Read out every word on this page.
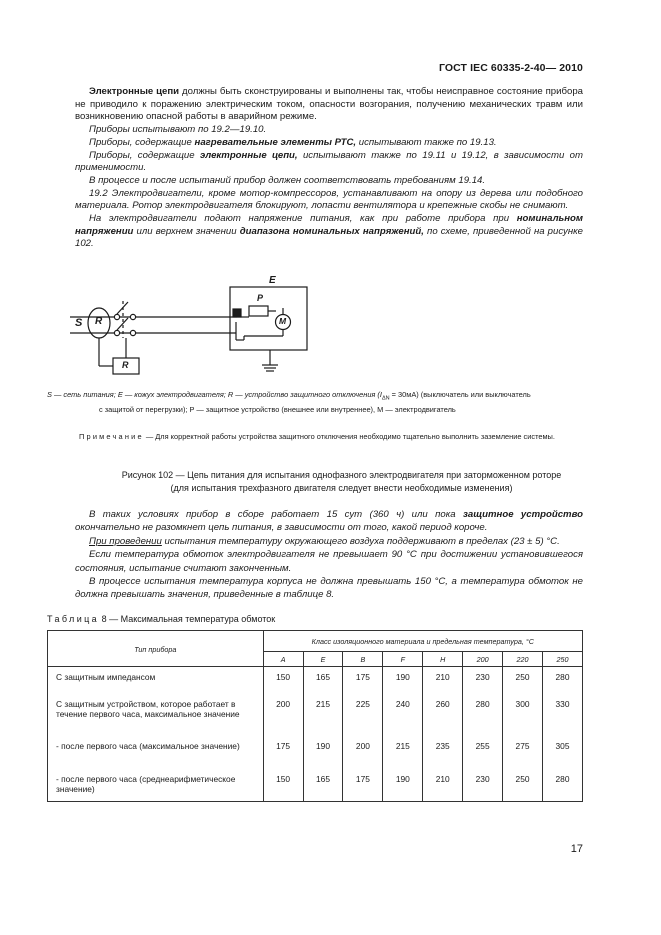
ГОСТ IEC 60335-2-40— 2010

Электронные цепи должны быть сконструированы и выполнены так, чтобы неисправное состояние прибора не приводило к поражению электрическим током, опасности возгорания, получению механических травм или возникновению опасной работы в аварийном режиме.

Приборы испытывают по 19.2—19.10.

Приборы, содержащие нагревательные элементы РТС, испытывают также по 19.13.

Приборы, содержащие электронные цепи, испытывают также по 19.11 и 19.12, в зависимости от применимости.

В процессе и после испытаний прибор должен соответствовать требованиям 19.14.

19.2 Электродвигатели, кроме мотор-компрессоров, устанавливают на опору из дерева или подобного материала. Ротор электродвигателя блокируют, лопасти вентилятора и крепежные скобы не снимают.

На электродвигатели подают напряжение питания, как при работе прибора при номинальном напряжении или верхнем значении диапазона номинальных напряжений, по схеме, приведенной на рисунке 102.

S R
R
E
P
M
S — сеть питания; E — кожух электродвигателя; R — устройство защитного отключения $(I_{\Delta N} = 30мА)$ (выключатель или выключатель
с защитой от перегрузки); P — защитное устройство (внешнее или внутреннее), M — электродвигатель
Примечание — Для корректной работы устройства защитного отключения необходимо тщательно выполнить заземление системы.
Рисунок 102 — Цепь питания для испытания однофазного электродвигателя при заторможенном роторе
(для испытания трехфазного двигателя следует внести необходимые изменения)

В таких условиях прибор в сборе работает 15 сут (360 ч) или пока защитное устройство окончательно не разомкнет цепь питания, в зависимости от того, какой период короче.

При проведении испытания температуру окружающего воздуха поддерживают в пределах (23 ± 5) °С.

Если температура обмоток электродвигателя не превышает 90 °С при достижении установившегося состояния, испытание считают законченным.

В процессе испытания температура корпуса не должна превышать 150 °С, а температура обмоток не должна превышать значения, приведенные в таблице 8.

Таблица 8 — Максимальная температура обмоток
Тип прибора	Класс изоляционного материала и предельная температура, °С							
	A	E	B	F	H	200	220	250
С защитным импедансом	150	165	175	190	210	230	250	280
С защитным устройством, которое работает в течение первого часа, максимальное значение	200	215	225	240	260	280	300	330
- после первого часа (максимальное значение)	175	190	200	215	235	255	275	305
- после первого часа (среднеарифметическое значение)	150	165	175	190	210	230	250	280
17
